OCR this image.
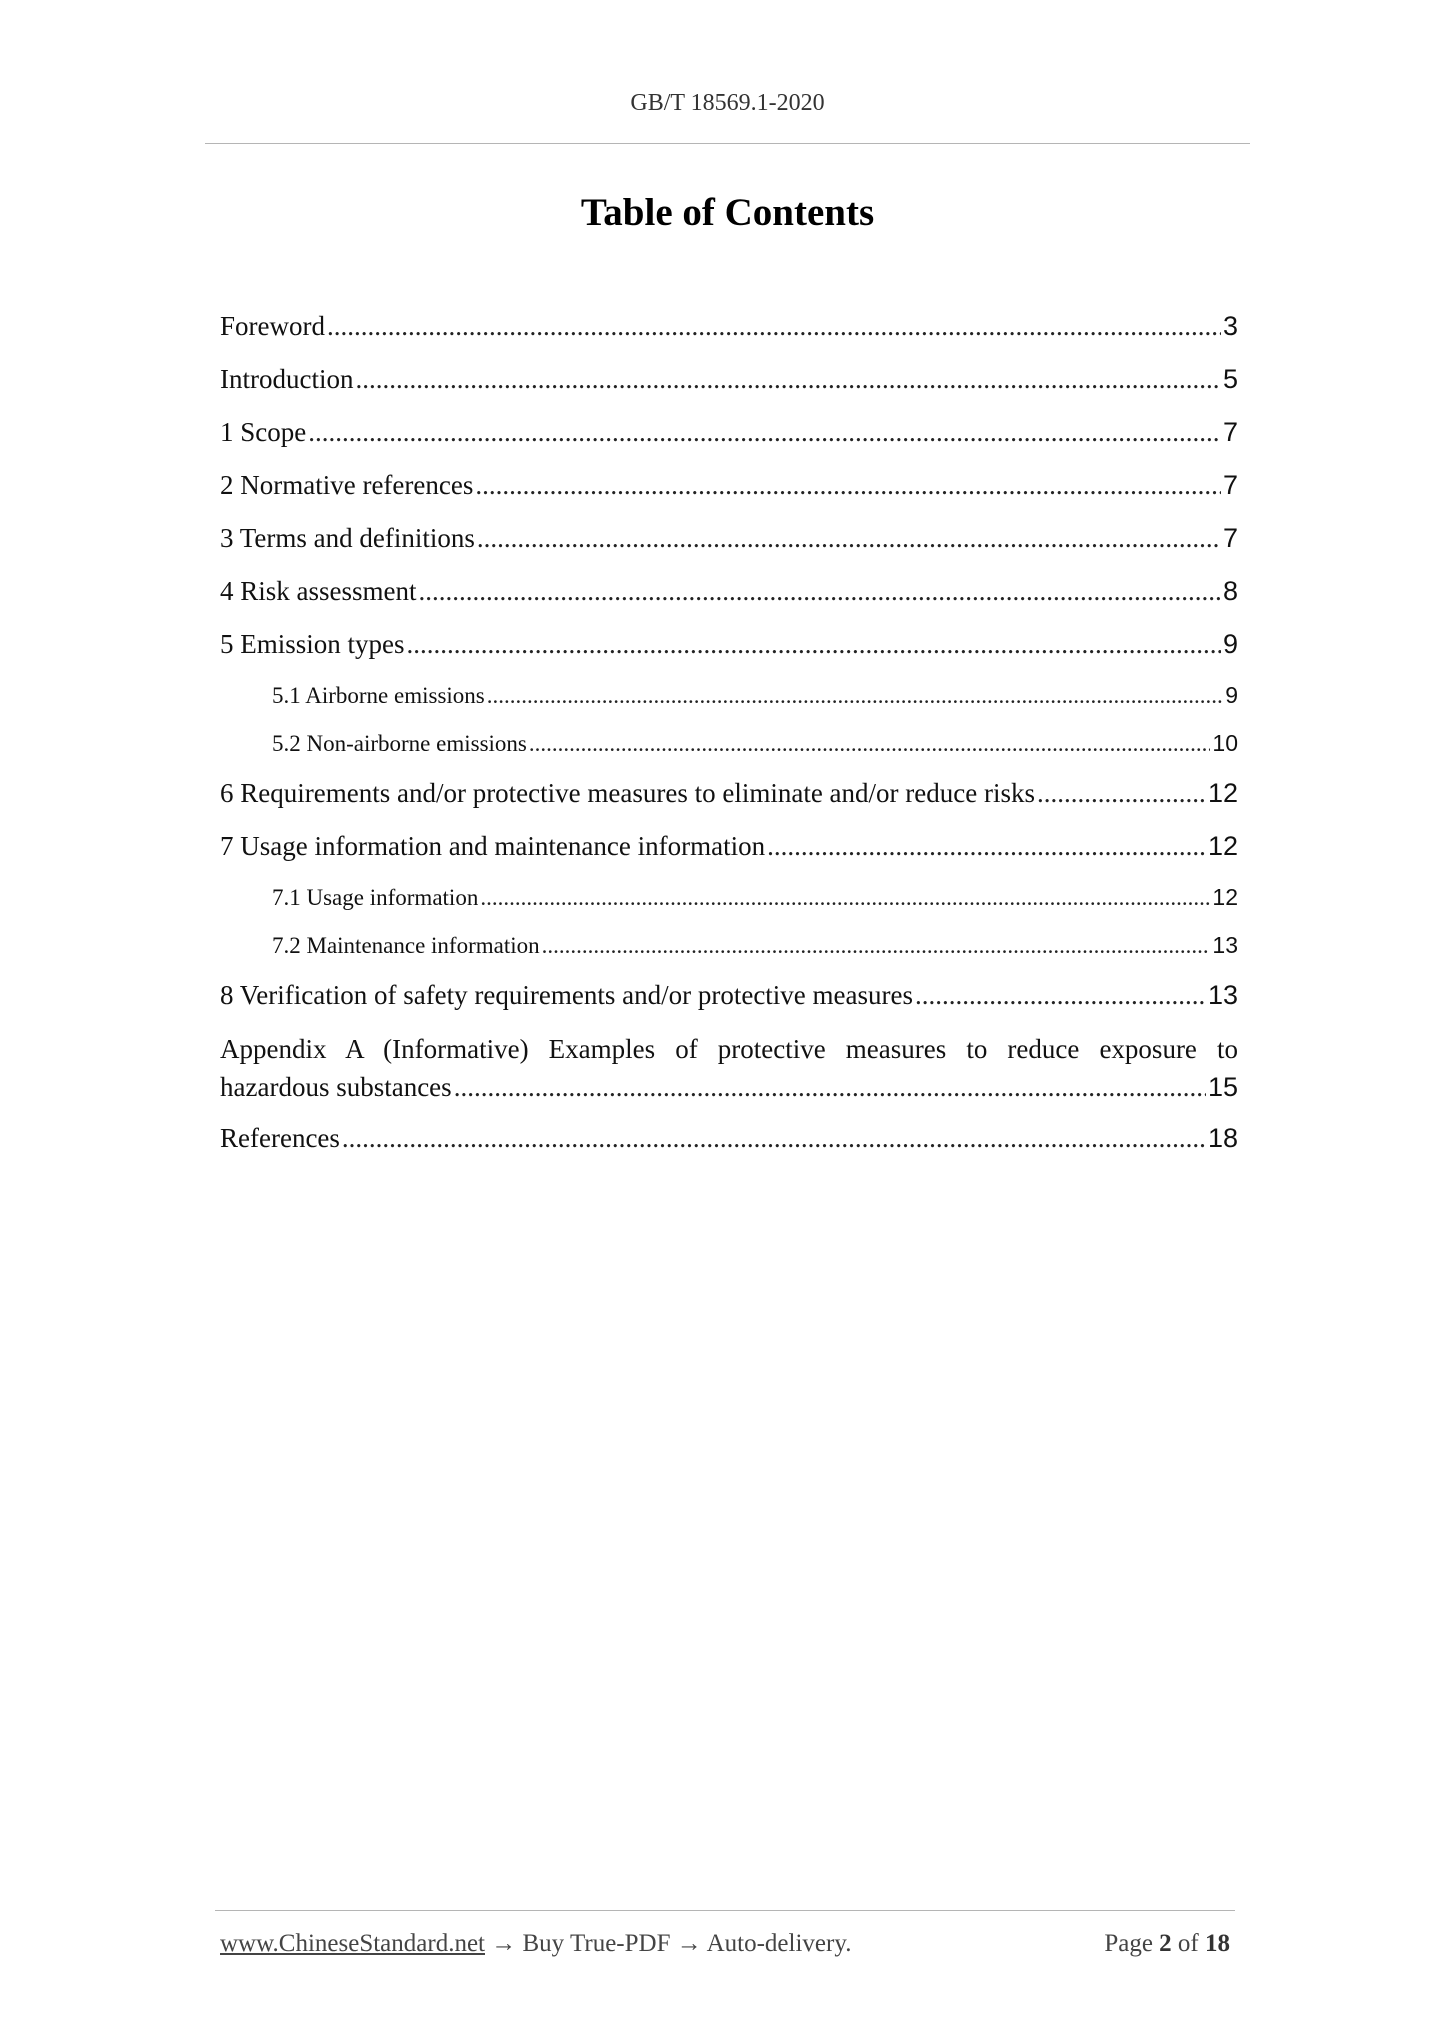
GB/T 18569.1-2020
Table of Contents
Foreword .....	3
Introduction .....	5
1 Scope .....	7
2 Normative references .....	7
3 Terms and definitions .....	7
4 Risk assessment .....	8
5 Emission types .....	9
5.1 Airborne emissions .....	9
5.2 Non-airborne emissions .....	10
6 Requirements and/or protective measures to eliminate and/or reduce risks .....	12
7 Usage information and maintenance information .....	12
7.1 Usage information .....	12
7.2 Maintenance information .....	13
8 Verification of safety requirements and/or protective measures .....	13
Appendix A (Informative) Examples of protective measures to reduce exposure to
hazardous substances .....	15
References .....	18
www.ChineseStandard.net → Buy True-PDF → Auto-delivery.	Page 2 of 18
